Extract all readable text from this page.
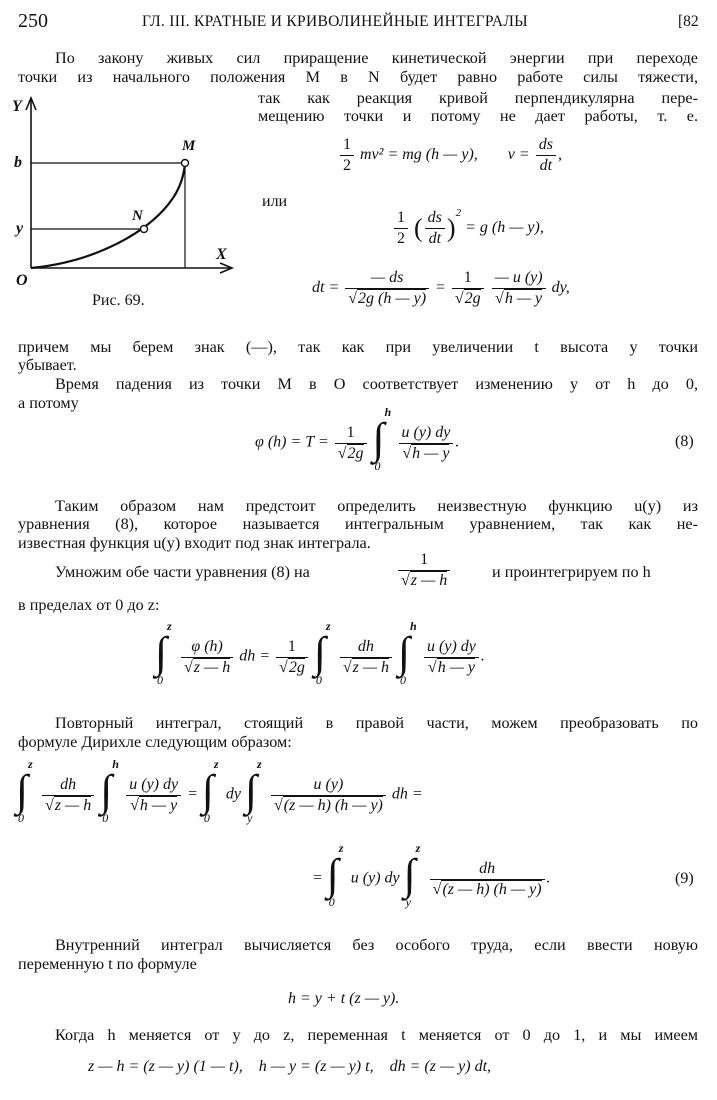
250	ГЛ. III. КРАТНЫЕ И КРИВОЛИНЕЙНЫЕ ИНТЕГРАЛЫ	[82
По закону живых сил приращение кинетической энергии при переходе
точки из начального положения M в N будет равно работе силы тяжести,
так как реакция кривой перпендикулярна пере-
мещению точки и потому не дает работы, т. е.
Y
X
O
b
y
M
N
Рис. 69.
$\frac{1}{2} mv^2$ = mg (h — y), $v = \frac{ds}{dt}$ ,
или
$\frac{1}{2}$ ( $\frac{ds}{dt} )^2 = g$ (h — y),
dt = $\frac{— ds}{√2g (h — y)} = \frac{1}{√2g}$
$\frac{— u (y)}{√h — y}$ dy,
причем мы берем знак (—), так как при увеличении t высота y точки
убывает.
Время падения из точки M в O соответствует изменению y от h до 0,
а потому
φ $(h) = T = \frac{1}{√2g}$ ∫
h
0

$\frac{u (y) dy}{√h — y}$ .	(8)
Таким образом нам предстоит определить неизвестную функцию u(y) из
уравнения (8), которое называется интегральным уравнением, так как не-
известная функция u(y) входит под знак интеграла.
Умножим обе части уравнения (8) на	$\frac{1}{√z — h}$	и проинтегрируем по h
в пределах от 0 до z:
∫
z
0

$\frac{\varphi (h)}{√z — h}$ dh = $\frac{1}{√2g}$ ∫
z
0

$\frac{dh}{√z — h}$ ∫
h
0

$\frac{u (y) dy}{√h — y}$ .
Повторный интеграл, стоящий в правой части, можем преобразовать по
формуле Дирихле следующим образом:
∫
z
0

$\frac{dh}{√z — h}$ ∫
h
0

$\frac{u (y) dy}{√h — y}$ = ∫
z
0
dy ∫
z
y

$\frac{u (y)}{√(z — h) (h — y)}$ dh =
= ∫
z
0
u (y) dy ∫
z
y

$\frac{dh}{√(z — h) (h — y)}$ .	(9)
Внутренний интеграл вычисляется без особого труда, если ввести новую
переменную t по формуле
h = y + t (z — y).
Когда h меняется от y до z, переменная t меняется от 0 до 1, и мы имеем
z — h = (z — y) (1 — t),    h — y = (z — y) t,    dh = (z — y) dt,
